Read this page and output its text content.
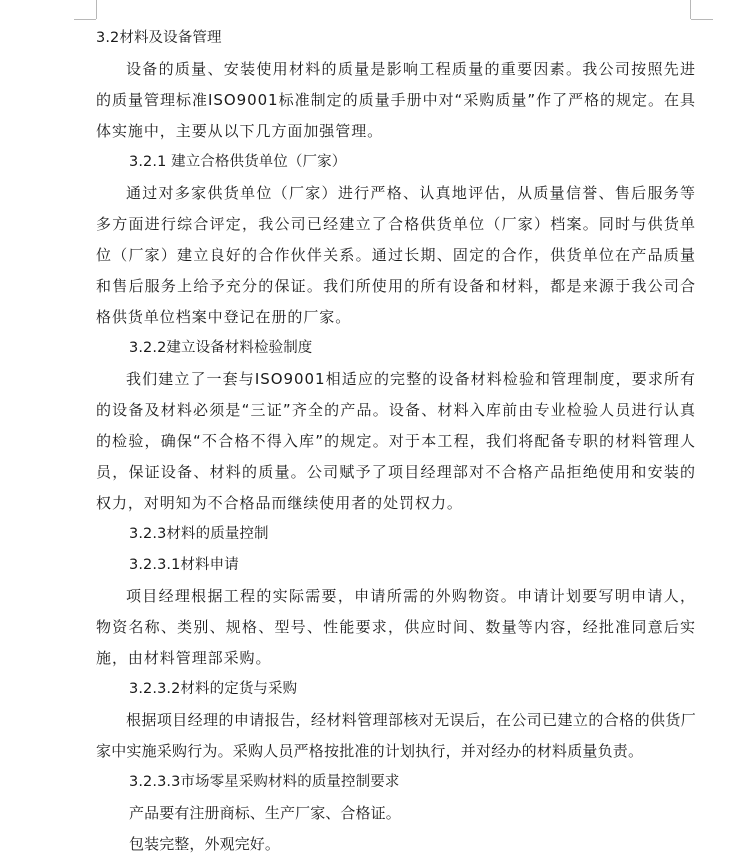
3.2材料及设备管理

设备的质量、安装使用材料的质量是影响工程质量的重要因素。我公司按照先进的质量管理标准ISO9001标准制定的质量手册中对“采购质量”作了严格的规定。在具体实施中，主要从以下几方面加强管理。

3.2.1 建立合格供货单位（厂家）

通过对多家供货单位（厂家）进行严格、认真地评估，从质量信誉、售后服务等多方面进行综合评定，我公司已经建立了合格供货单位（厂家）档案。同时与供货单位（厂家）建立良好的合作伙伴关系。通过长期、固定的合作，供货单位在产品质量和售后服务上给予充分的保证。我们所使用的所有设备和材料，都是来源于我公司合格供货单位档案中登记在册的厂家。

3.2.2建立设备材料检验制度

我们建立了一套与ISO9001相适应的完整的设备材料检验和管理制度，要求所有的设备及材料必须是“三证”齐全的产品。设备、材料入库前由专业检验人员进行认真的检验，确保“不合格不得入库”的规定。对于本工程，我们将配备专职的材料管理人员，保证设备、材料的质量。公司赋予了项目经理部对不合格产品拒绝使用和安装的权力，对明知为不合格品而继续使用者的处罚权力。

3.2.3材料的质量控制
3.2.3.1材料申请

项目经理根据工程的实际需要，申请所需的外购物资。申请计划要写明申请人，物资名称、类别、规格、型号、性能要求，供应时间、数量等内容，经批准同意后实施，由材料管理部采购。

3.2.3.2材料的定货与采购

根据项目经理的申请报告，经材料管理部核对无误后，在公司已建立的合格的供货厂家中实施采购行为。采购人员严格按批准的计划执行，并对经办的材料质量负责。

3.2.3.3市场零星采购材料的质量控制要求
产品要有注册商标、生产厂家、合格证。
包装完整，外观完好。
